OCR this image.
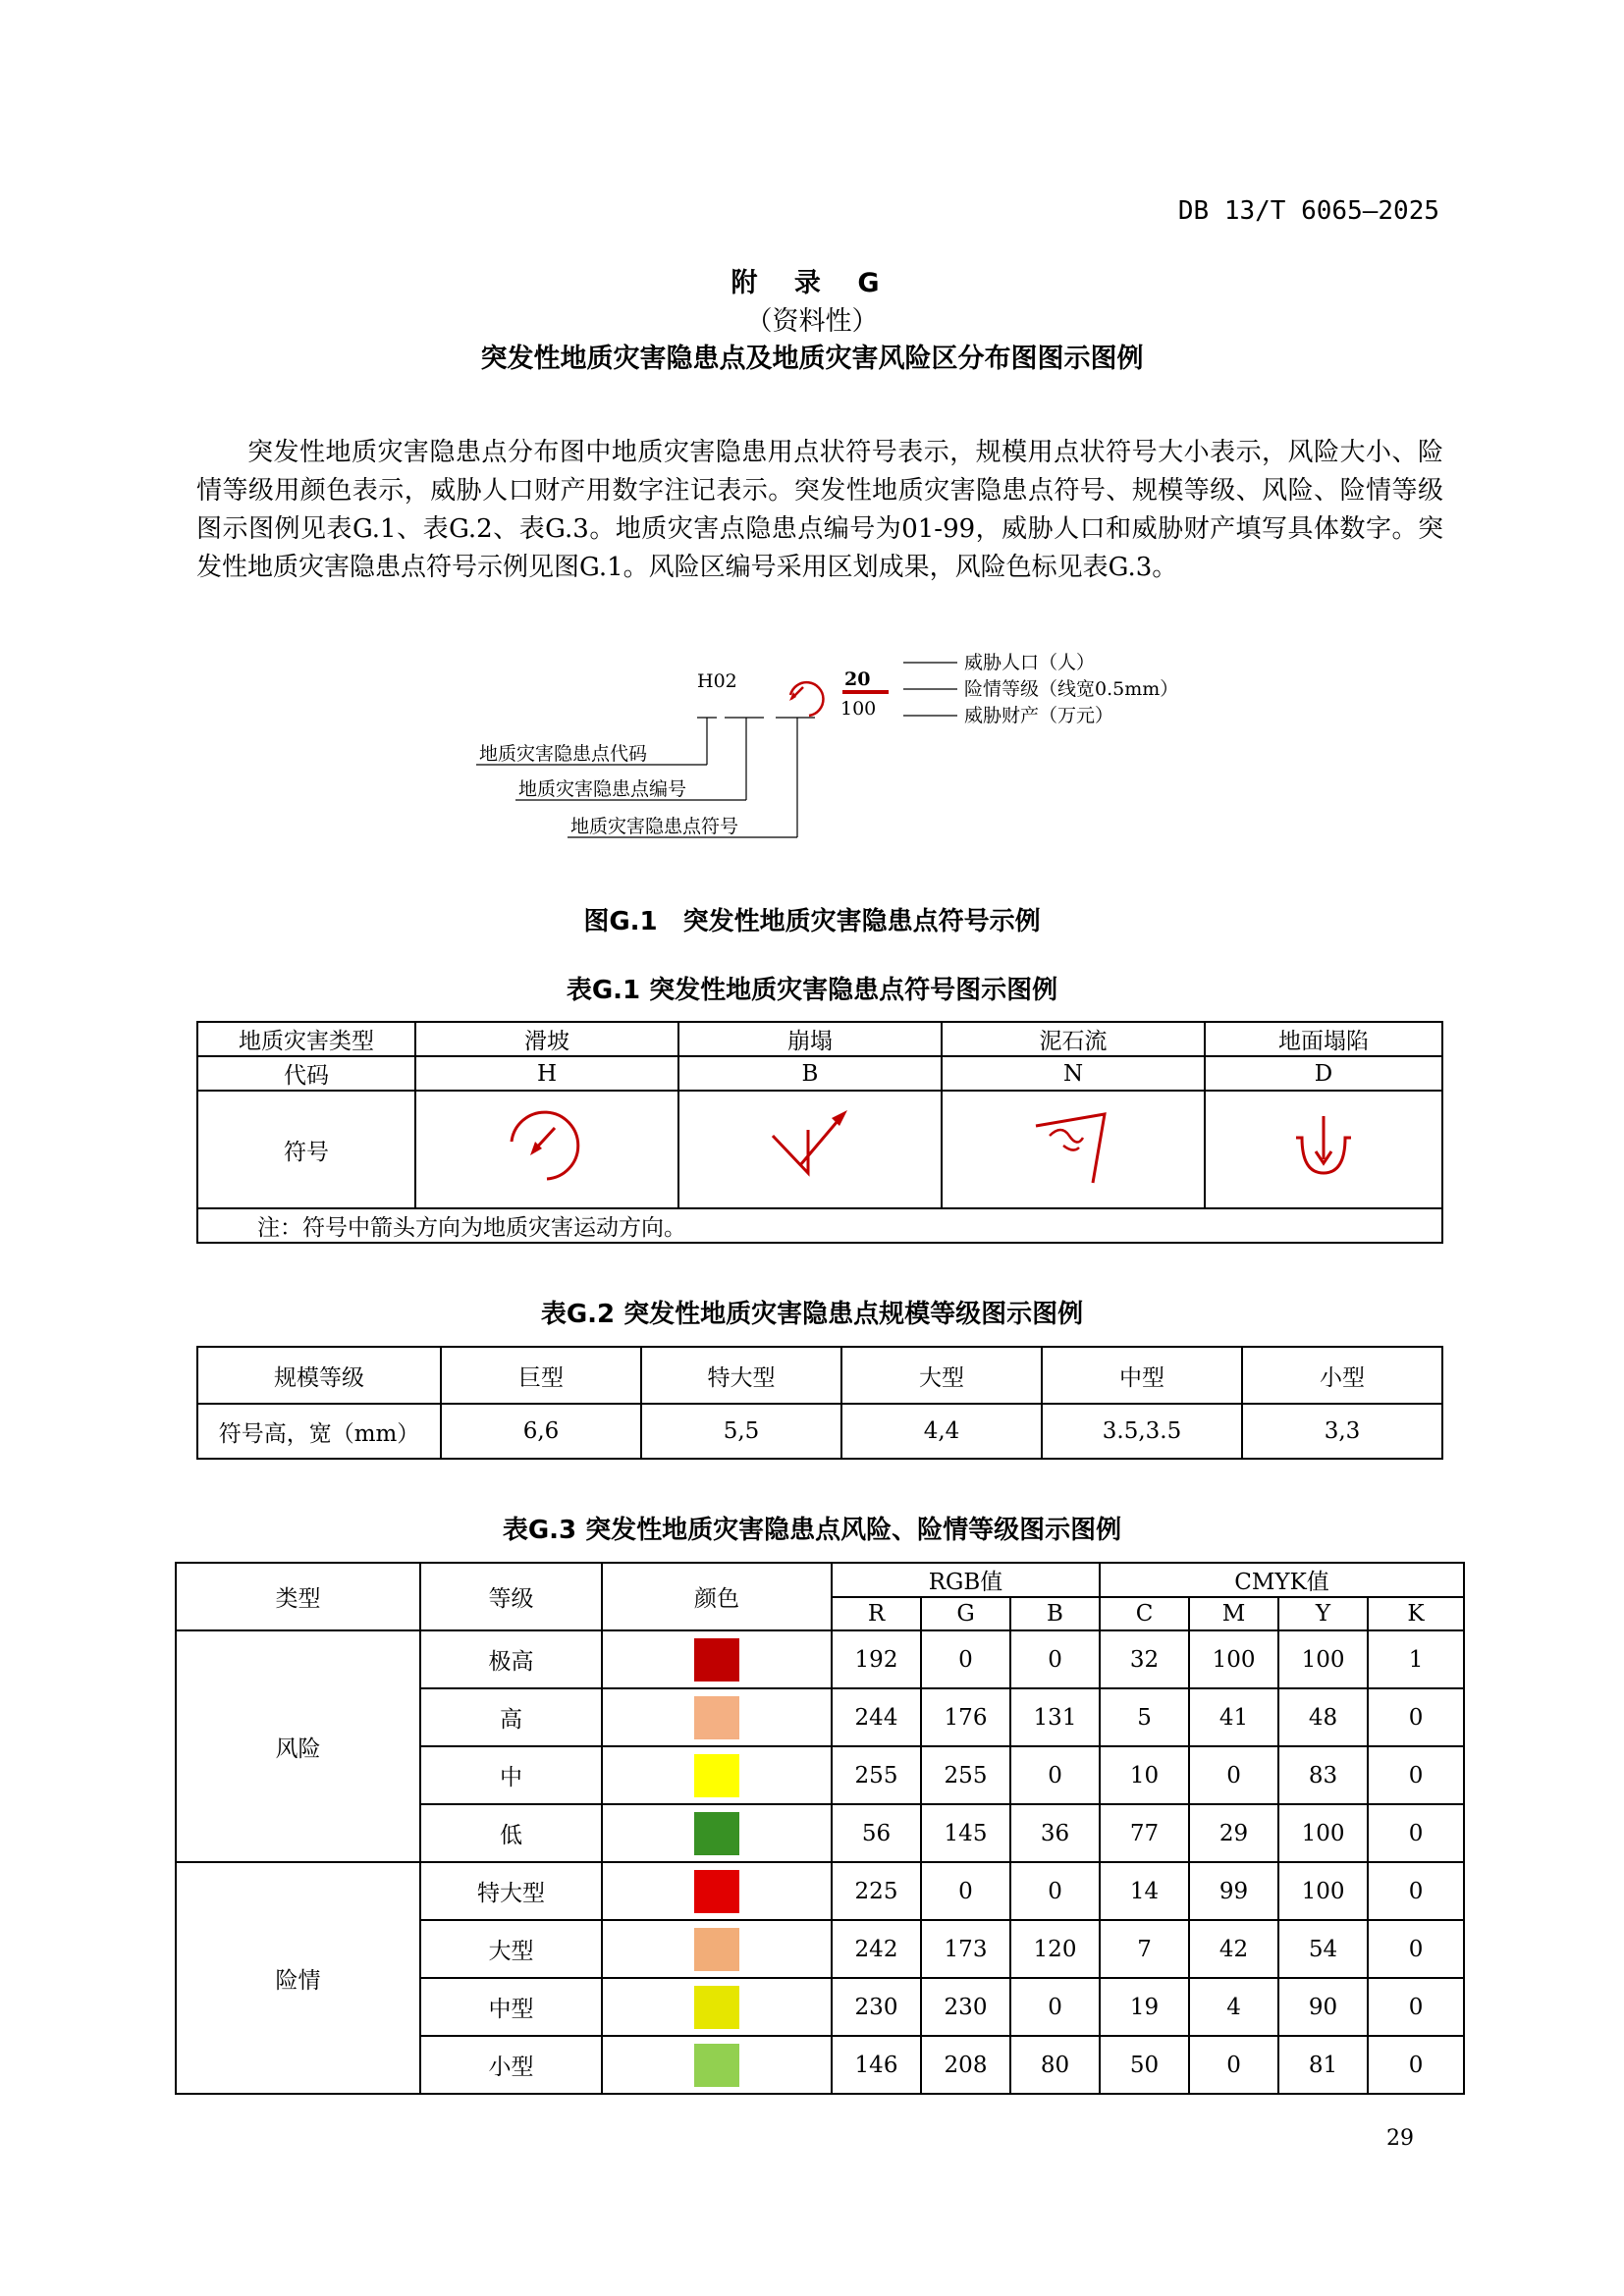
DB 13/T 6065—2025
附 录 G
（资料性）
突发性地质灾害隐患点及地质灾害风险区分布图图示图例
突发性地质灾害隐患点分布图中地质灾害隐患用点状符号表示，规模用点状符号大小表示，风险大小、险情等级用颜色表示，威胁人口财产用数字注记表示。突发性地质灾害隐患点符号、规模等级、风险、险情等级图示图例见表G.1、表G.2、表G.3。地质灾害点隐患点编号为01-99，威胁人口和威胁财产填写具体数字。突发性地质灾害隐患点符号示例见图G.1。风险区编号采用区划成果，风险色标见表G.3。
H02	20
100
威胁人口（人）
险情等级（线宽0.5mm）
威胁财产（万元）
地质灾害隐患点代码
地质灾害隐患点编号
地质灾害隐患点符号
图G.1　突发性地质灾害隐患点符号示例
表G.1 突发性地质灾害隐患点符号图示图例
地质灾害类型	滑坡	崩塌	泥石流	地面塌陷
代码	H	B	N	D
符号				
注：符号中箭头方向为地质灾害运动方向。				
表G.2 突发性地质灾害隐患点规模等级图示图例
规模等级	巨型	特大型	大型	中型	小型
符号高，宽（mm）	6,6	5,5	4,4	3.5,3.5	3,3
表G.3 突发性地质灾害隐患点风险、险情等级图示图例
类型	等级	颜色	RGB值			CMYK值			
			R	G	B	C	M	Y	K
风险	极高		192	0	0	32	100	100	1
	高		244	176	131	5	41	48	0
	中		255	255	0	10	0	83	0
	低		56	145	36	77	29	100	0
险情	特大型		225	0	0	14	99	100	0
	大型		242	173	120	7	42	54	0
	中型		230	230	0	19	4	90	0
	小型		146	208	80	50	0	81	0
29
